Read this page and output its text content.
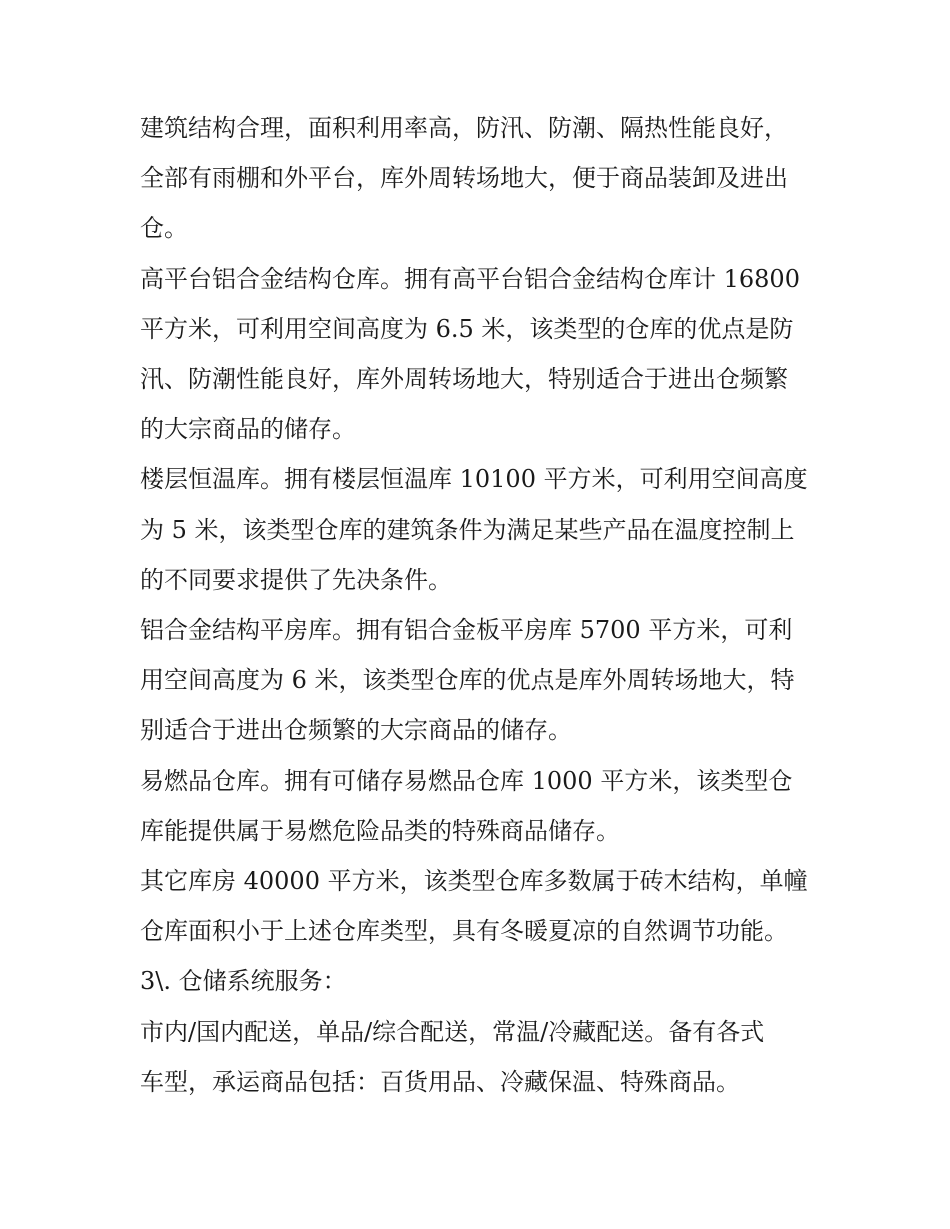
建筑结构合理，面积利用率高，防汛、防潮、隔热性能良好，
全部有雨棚和外平台，库外周转场地大，便于商品装卸及进出
仓。

高平台铝合金结构仓库。拥有高平台铝合金结构仓库计 16800
平方米，可利用空间高度为 6.5 米，该类型的仓库的优点是防
汛、防潮性能良好，库外周转场地大，特别适合于进出仓频繁
的大宗商品的储存。

楼层恒温库。拥有楼层恒温库 10100 平方米，可利用空间高度
为 5 米，该类型仓库的建筑条件为满足某些产品在温度控制上
的不同要求提供了先决条件。

铝合金结构平房库。拥有铝合金板平房库 5700 平方米，可利
用空间高度为 6 米，该类型仓库的优点是库外周转场地大，特
别适合于进出仓频繁的大宗商品的储存。

易燃品仓库。拥有可储存易燃品仓库 1000 平方米，该类型仓
库能提供属于易燃危险品类的特殊商品储存。

其它库房 40000 平方米，该类型仓库多数属于砖木结构，单幢
仓库面积小于上述仓库类型，具有冬暖夏凉的自然调节功能。

3\. 仓储系统服务：

市内/国内配送，单品/综合配送，常温/冷藏配送。备有各式
车型，承运商品包括：百货用品、冷藏保温、特殊商品。
